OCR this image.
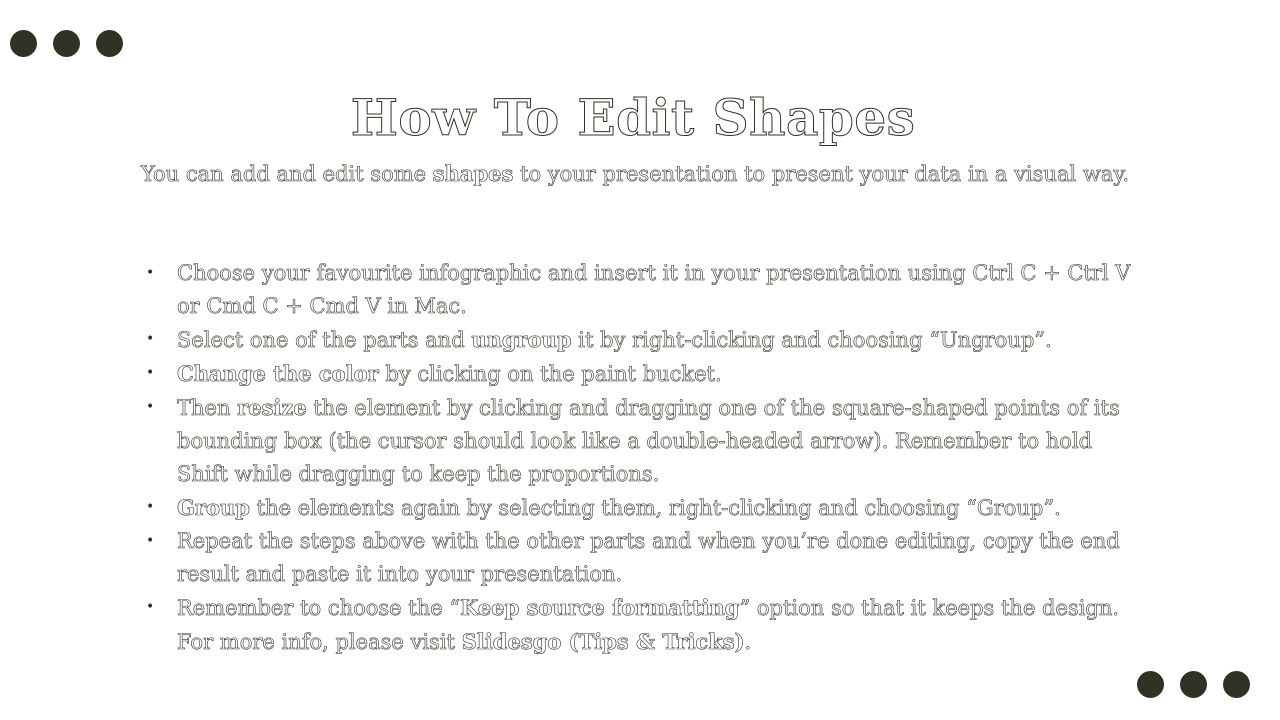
How To Edit Shapes

You can add and edit some shapes to your presentation to present your data in a visual way.

• Choose your favourite infographic and insert it in your presentation using Ctrl C + Ctrl V or Cmd C + Cmd V in Mac.
• Select one of the parts and ungroup it by right-clicking and choosing “Ungroup”.
• Change the color by clicking on the paint bucket.
• Then resize the element by clicking and dragging one of the square-shaped points of its bounding box (the cursor should look like a double-headed arrow). Remember to hold Shift while dragging to keep the proportions.
• Group the elements again by selecting them, right-clicking and choosing “Group”.
• Repeat the steps above with the other parts and when you’re done editing, copy the end result and paste it into your presentation.
• Remember to choose the “Keep source formatting” option so that it keeps the design. For more info, please visit Slidesgo (Tips & Tricks).
